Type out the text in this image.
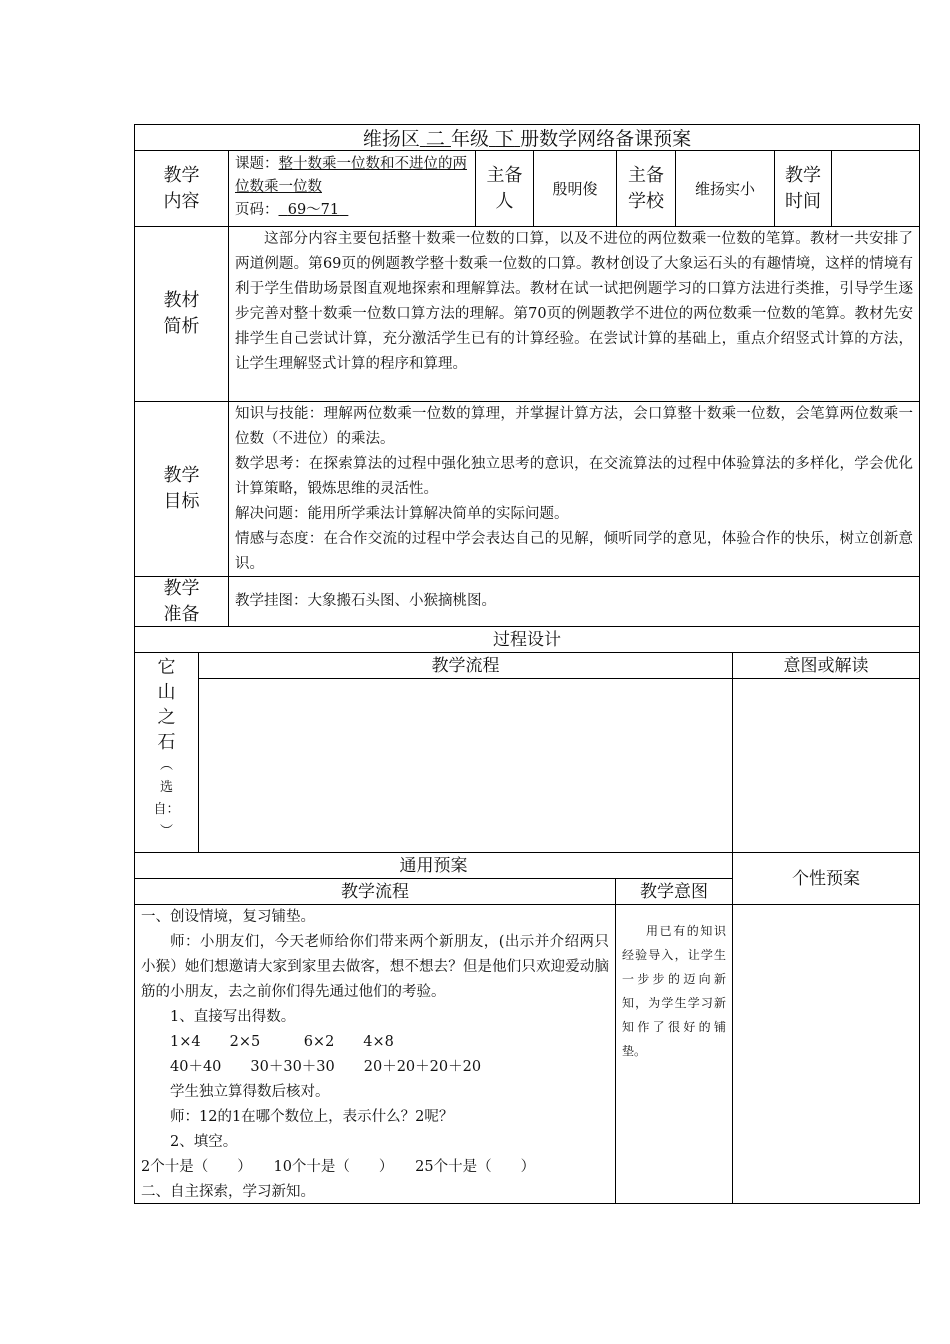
维扬区 二 年级 下 册数学网络备课预案
教学
内容
课题：整十数乘一位数和不进位的两位数乘一位数
页码： 69～71
主备
人
殷明俊
主备
学校
维扬实小
教学
时间
教材
简析

这部分内容主要包括整十数乘一位数的口算，以及不进位的两位数乘一位数的笔算。教材一共安排了两道例题。第69页的例题教学整十数乘一位数的口算。教材创设了大象运石头的有趣情境，这样的情境有利于学生借助场景图直观地探索和理解算法。教材在试一试把例题学习的口算方法进行类推，引导学生逐步完善对整十数乘一位数口算方法的理解。第70页的例题教学不进位的两位数乘一位数的笔算。教材先安排学生自己尝试计算，充分激活学生已有的计算经验。在尝试计算的基础上，重点介绍竖式计算的方法，让学生理解竖式计算的程序和算理。

教学
目标

知识与技能：理解两位数乘一位数的算理，并掌握计算方法，会口算整十数乘一位数，会笔算两位数乘一位数（不进位）的乘法。

数学思考：在探索算法的过程中强化独立思考的意识，在交流算法的过程中体验算法的多样化，学会优化计算策略，锻炼思维的灵活性。

解决问题：能用所学乘法计算解决简单的实际问题。

情感与态度：在合作交流的过程中学会表达自己的见解，倾听同学的意见，体验合作的快乐，树立创新意识。

教学
准备
教学挂图：大象搬石头图、小猴摘桃图。
过程设计
它
山
之
石
︵
选
自：
︶
教学流程	意图或解读
通用预案
个性预案
教学流程	教学意图

一、创设情境，复习铺垫。

师：小朋友们，今天老师给你们带来两个新朋友，(出示并介绍两只小猴）她们想邀请大家到家里去做客，想不想去？但是他们只欢迎爱动脑筋的小朋友，去之前你们得先通过他们的考验。

1、直接写出得数。

1×4　　2×5　　　6×2　　4×8

40＋40　　30＋30＋30　　20＋20＋20＋20

学生独立算得数后核对。

师：12的1在哪个数位上，表示什么？2呢？

2、填空。

2个十是（　　）　　10个十是（　　）　　25个十是（　　）

二、自主探索，学习新知。

用已有的知识经验导入，让学生一步步的迈向新知，为学生学习新知作了很好的铺垫。
